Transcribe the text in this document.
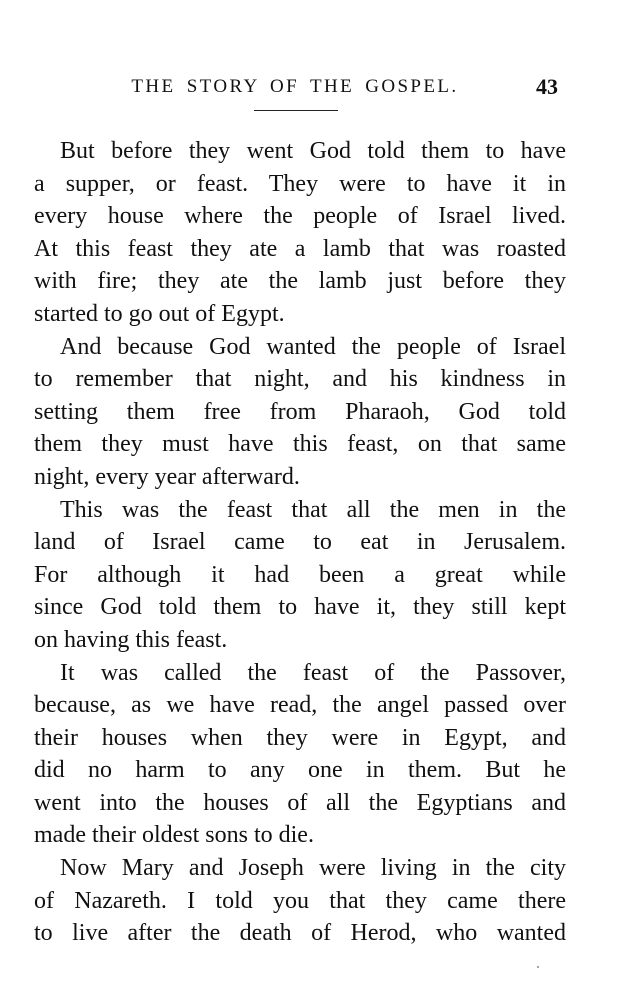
THE STORY OF THE GOSPEL.	43

But before they went God told them to have
a supper, or feast. They were to have it in
every house where the people of Israel lived.
At this feast they ate a lamb that was roasted
with fire; they ate the lamb just before they
started to go out of Egypt.

And because God wanted the people of Israel
to remember that night, and his kindness in
setting them free from Pharaoh, God told
them they must have this feast, on that same
night, every year afterward.

This was the feast that all the men in the
land of Israel came to eat in Jerusalem.
For although it had been a great while
since God told them to have it, they still kept
on having this feast.

It was called the feast of the Passover,
because, as we have read, the angel passed over
their houses when they were in Egypt, and
did no harm to any one in them. But he
went into the houses of all the Egyptians and
made their oldest sons to die.

Now Mary and Joseph were living in the city
of Nazareth. I told you that they came there
to live after the death of Herod, who wanted
